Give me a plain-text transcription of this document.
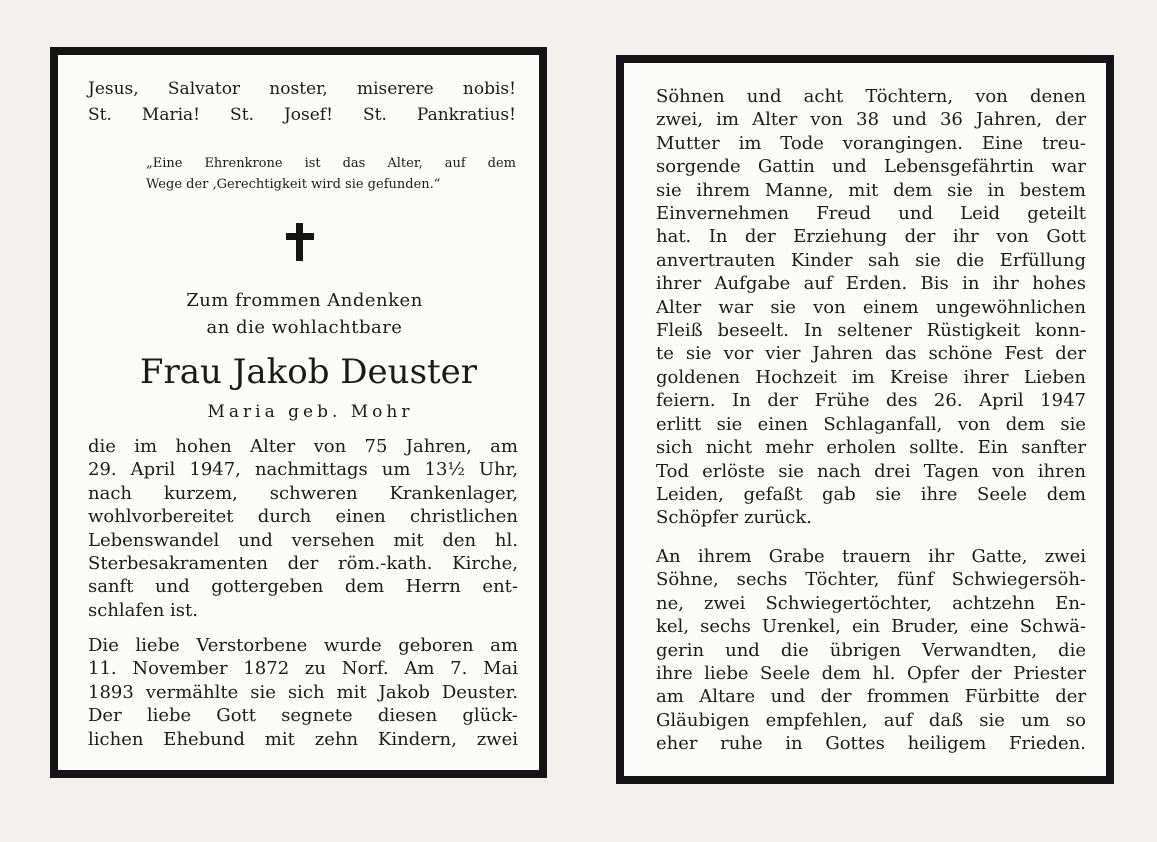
Jesus, Salvator noster, miserere nobis!
St. Maria! St. Josef! St. Pankratius!
„Eine Ehrenkrone ist das Alter, auf dem
Wege der ‚Gerechtigkeit wird sie gefunden.“
Zum frommen Andenken
an die wohlachtbare
Frau Jakob Deuster
Maria geb. Mohr
die im hohen Alter von 75 Jahren, am
29. April 1947, nachmittags um 13½ Uhr,
nach kurzem, schweren Krankenlager,
wohlvorbereitet durch einen christlichen
Lebenswandel und versehen mit den hl.
Sterbesakramenten der röm.-kath. Kirche,
sanft und gottergeben dem Herrn ent-
schlafen ist.
Die liebe Verstorbene wurde geboren am
11. November 1872 zu Norf. Am 7. Mai
1893 vermählte sie sich mit Jakob Deuster.
Der liebe Gott segnete diesen glück-
lichen Ehebund mit zehn Kindern, zwei
Söhnen und acht Töchtern, von denen
zwei, im Alter von 38 und 36 Jahren, der
Mutter im Tode vorangingen. Eine treu-
sorgende Gattin und Lebensgefährtin war
sie ihrem Manne, mit dem sie in bestem
Einvernehmen Freud und Leid geteilt
hat. In der Erziehung der ihr von Gott
anvertrauten Kinder sah sie die Erfüllung
ihrer Aufgabe auf Erden. Bis in ihr hohes
Alter war sie von einem ungewöhnlichen
Fleiß beseelt. In seltener Rüstigkeit konn-
te sie vor vier Jahren das schöne Fest der
goldenen Hochzeit im Kreise ihrer Lieben
feiern. In der Frühe des 26. April 1947
erlitt sie einen Schlaganfall, von dem sie
sich nicht mehr erholen sollte. Ein sanfter
Tod erlöste sie nach drei Tagen von ihren
Leiden, gefaßt gab sie ihre Seele dem
Schöpfer zurück.
An ihrem Grabe trauern ihr Gatte, zwei
Söhne, sechs Töchter, fünf Schwiegersöh-
ne, zwei Schwiegertöchter, achtzehn En-
kel, sechs Urenkel, ein Bruder, eine Schwä-
gerin und die übrigen Verwandten, die
ihre liebe Seele dem hl. Opfer der Priester
am Altare und der frommen Fürbitte der
Gläubigen empfehlen, auf daß sie um so
eher ruhe in Gottes heiligem Frieden.
